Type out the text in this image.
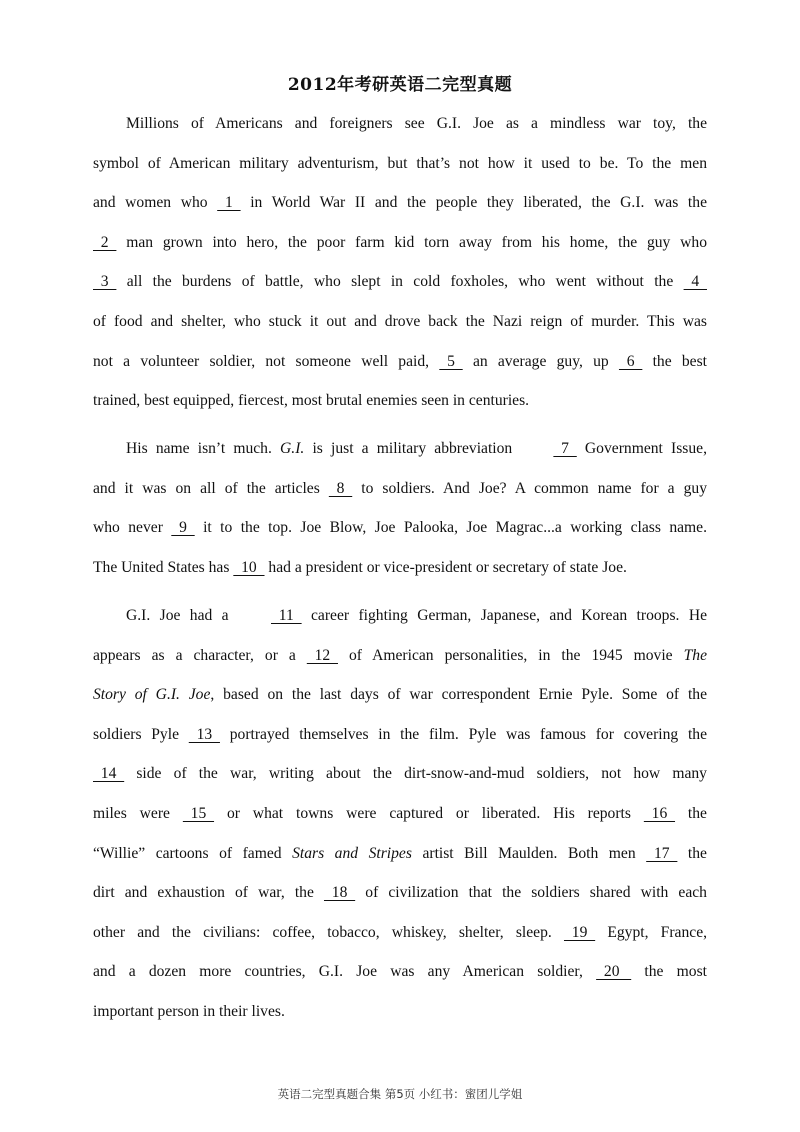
2012年考研英语二完型真题
Millions of Americans and foreigners see G.I. Joe as a mindless war toy, the
symbol of American military adventurism, but that’s not how it used to be. To the men
and women who   1   in World War II and the people they liberated, the G.I. was the
2   man grown into hero, the poor farm kid torn away from his home, the guy who
3   all the burdens of battle, who slept in cold foxholes, who went without the   4
of food and shelter, who stuck it out and drove back the Nazi reign of murder. This was
not a volunteer soldier, not someone well paid,   5   an average guy, up   6   the best
trained, best equipped, fiercest, most brutal enemies seen in centuries.
His name isn’t much. G.I. is just a military abbreviation	7   Government Issue,
and it was on all of the articles   8   to soldiers. And Joe? A common name for a guy
who never   9   it to the top. Joe Blow, Joe Palooka, Joe Magrac...a working class name.
The United States has   10   had a president or vice-president or secretary of state Joe.
G.I. Joe had a	11   career fighting German, Japanese, and Korean troops. He
appears as a character, or a   12   of American personalities, in the 1945 movie The
Story of G.I. Joe, based on the last days of war correspondent Ernie Pyle. Some of the
soldiers Pyle   13   portrayed themselves in the film. Pyle was famous for covering the
14   side of the war, writing about the dirt-snow-and-mud soldiers, not how many
miles were   15   or what towns were captured or liberated. His reports   16   the
“Willie” cartoons of famed Stars and Stripes artist Bill Maulden. Both men   17   the
dirt and exhaustion of war, the   18   of civilization that the soldiers shared with each
other and the civilians: coffee, tobacco, whiskey, shelter, sleep.   19   Egypt, France,
and a dozen more countries, G.I. Joe was any American soldier,   20    the most
important person in their lives.
英语二完型真题合集 第5页 小红书：蜜团儿学姐
